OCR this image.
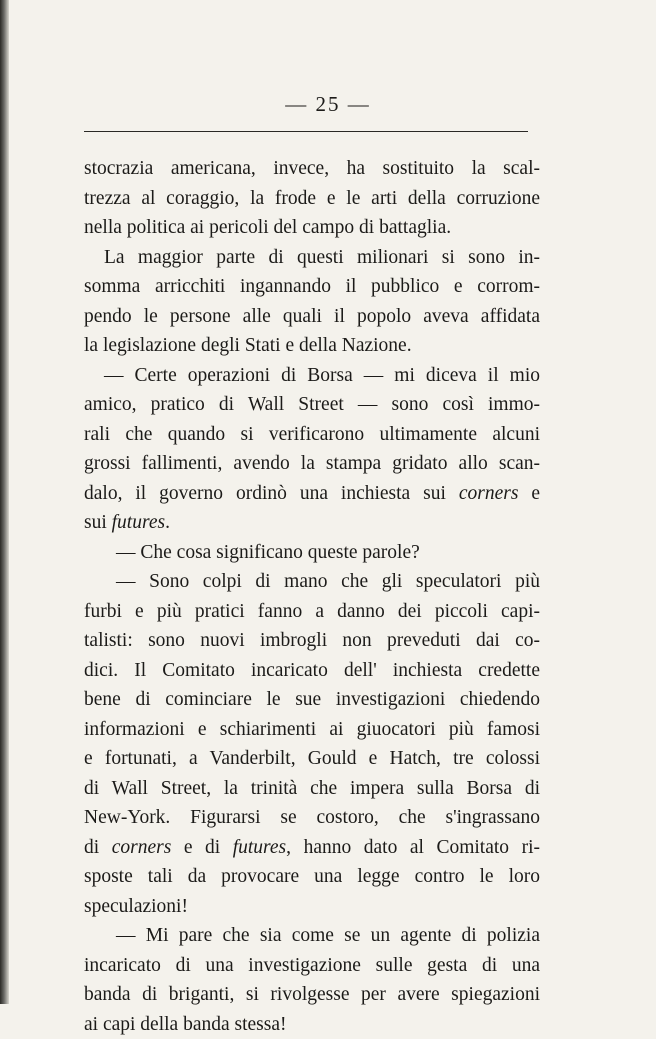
— 25 —
stocrazia americana, invece, ha sostituito la scal-
trezza al coraggio, la frode e le arti della corruzione
nella politica ai pericoli del campo di battaglia.
La maggior parte di questi milionari si sono in-
somma arricchiti ingannando il pubblico e corrom-
pendo le persone alle quali il popolo aveva affidata
la legislazione degli Stati e della Nazione.
— Certe operazioni di Borsa — mi diceva il mio
amico, pratico di Wall Street — sono così immo-
rali che quando si verificarono ultimamente alcuni
grossi fallimenti, avendo la stampa gridato allo scan-
dalo, il governo ordinò una inchiesta sui corners e
sui futures.
— Che cosa significano queste parole?
— Sono colpi di mano che gli speculatori più
furbi e più pratici fanno a danno dei piccoli capi-
talisti: sono nuovi imbrogli non preveduti dai co-
dici. Il Comitato incaricato dell' inchiesta credette
bene di cominciare le sue investigazioni chiedendo
informazioni e schiarimenti ai giuocatori più famosi
e fortunati, a Vanderbilt, Gould e Hatch, tre colossi
di Wall Street, la trinità che impera sulla Borsa di
New-York. Figurarsi se costoro, che s'ingrassano
di corners e di futures, hanno dato al Comitato ri-
sposte tali da provocare una legge contro le loro
speculazioni!
— Mi pare che sia come se un agente di polizia
incaricato di una investigazione sulle gesta di una
banda di briganti, si rivolgesse per avere spiegazioni
ai capi della banda stessa!
